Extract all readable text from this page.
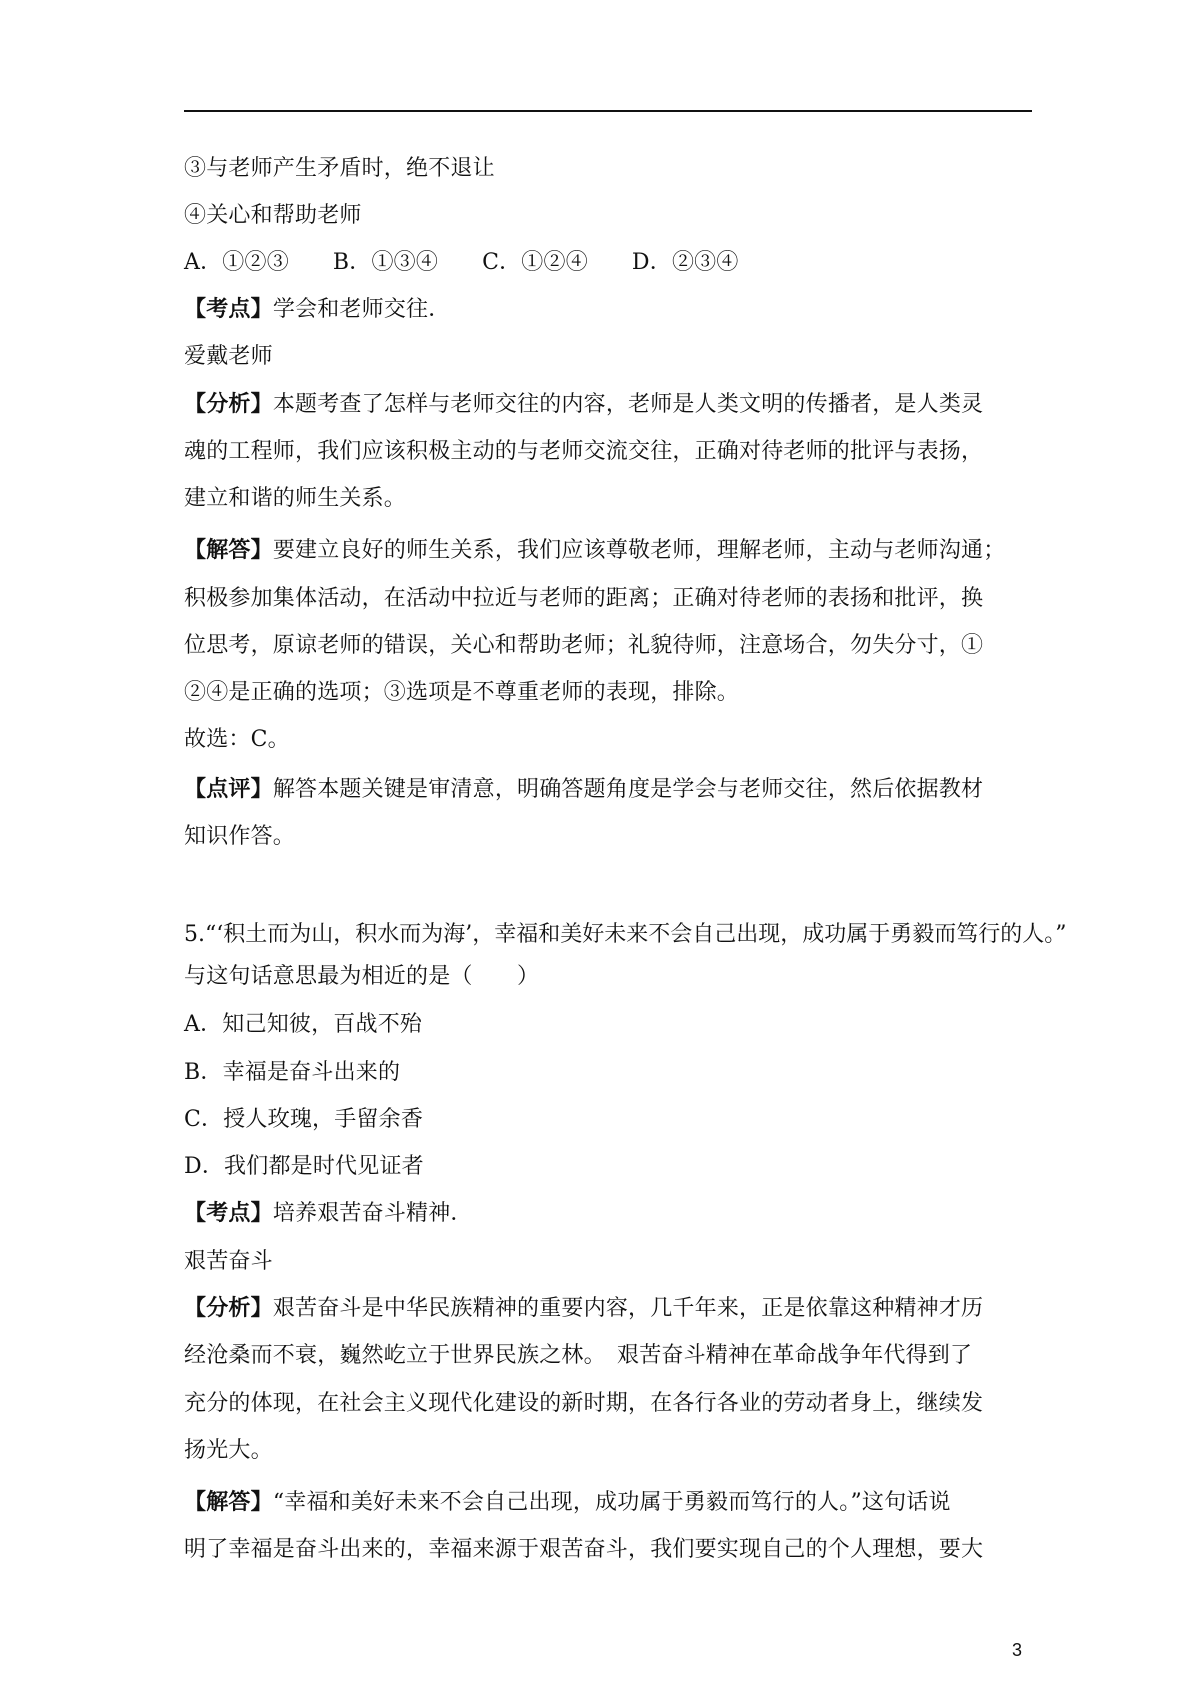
③与老师产生矛盾时，绝不退让
④关心和帮助老师
A．①②③ B．①③④ C．①②④ D．②③④
【考点】学会和老师交往．
爱戴老师
【分析】本题考查了怎样与老师交往的内容，老师是人类文明的传播者，是人类灵
魂的工程师，我们应该积极主动的与老师交流交往，正确对待老师的批评与表扬，
建立和谐的师生关系。
【解答】要建立良好的师生关系，我们应该尊敬老师，理解老师，主动与老师沟通；
积极参加集体活动，在活动中拉近与老师的距离；正确对待老师的表扬和批评，换
位思考，原谅老师的错误，关心和帮助老师；礼貌待师，注意场合，勿失分寸，①
②④是正确的选项；③选项是不尊重老师的表现，排除。
故选：C。
【点评】解答本题关键是审清意，明确答题角度是学会与老师交往，然后依据教材
知识作答。
5.“‘积土而为山，积水而为海’，幸福和美好未来不会自己出现，成功属于勇毅而笃行的人。”
与这句话意思最为相近的是（　　）
A．知己知彼，百战不殆
B．幸福是奋斗出来的
C．授人玫瑰，手留余香
D．我们都是时代见证者
【考点】培养艰苦奋斗精神．
艰苦奋斗
【分析】艰苦奋斗是中华民族精神的重要内容，几千年来，正是依靠这种精神才历
经沧桑而不衰，巍然屹立于世界民族之林。　艰苦奋斗精神在革命战争年代得到了
充分的体现，在社会主义现代化建设的新时期，在各行各业的劳动者身上，继续发
扬光大。
【解答】“幸福和美好未来不会自己出现，成功属于勇毅而笃行的人。”这句话说
明了幸福是奋斗出来的，幸福来源于艰苦奋斗，我们要实现自己的个人理想，要大
3
